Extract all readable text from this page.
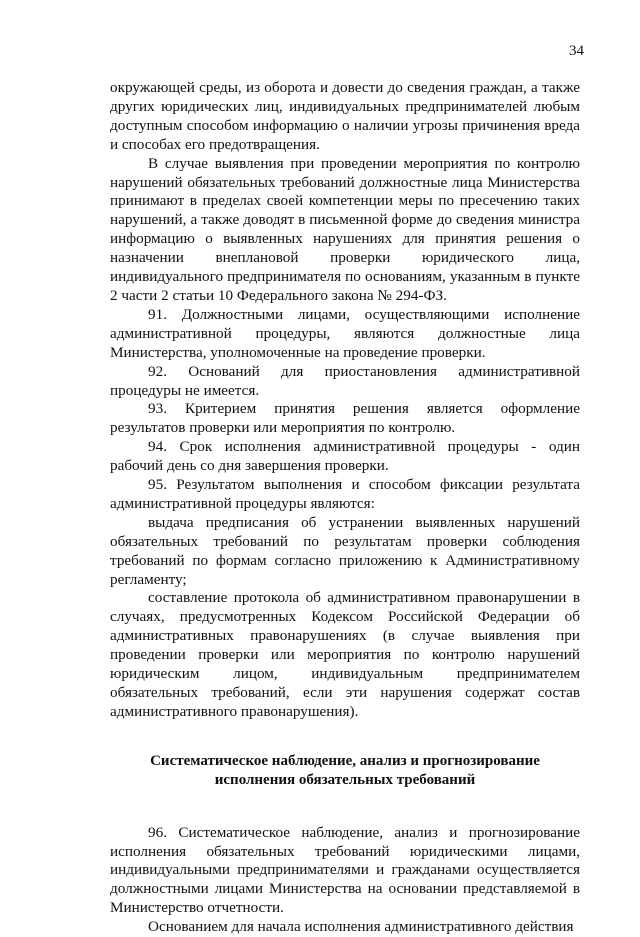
34

окружающей среды, из оборота и довести до сведения граждан, а также других юридических лиц, индивидуальных предпринимателей любым доступным способом информацию о наличии угрозы причинения вреда и способах его предотвращения.

В случае выявления при проведении мероприятия по контролю нарушений обязательных требований должностные лица Министерства принимают в пределах своей компетенции меры по пресечению таких нарушений, а также доводят в письменной форме до сведения министра информацию о выявленных нарушениях для принятия решения о назначении внеплановой проверки юридического лица, индивидуального предпринимателя по основаниям, указанным в пункте 2 части 2 статьи 10 Федерального закона № 294-ФЗ.

91. Должностными лицами, осуществляющими исполнение административной процедуры, являются должностные лица Министерства, уполномоченные на проведение проверки.

92. Оснований для приостановления административной процедуры не имеется.

93. Критерием принятия решения является оформление результатов проверки или мероприятия по контролю.

94. Срок исполнения административной процедуры - один рабочий день со дня завершения проверки.

95. Результатом выполнения и способом фиксации результата административной процедуры являются:

выдача предписания об устранении выявленных нарушений обязательных требований по результатам проверки соблюдения требований по формам согласно приложению к Административному регламенту;

составление протокола об административном правонарушении в случаях, предусмотренных Кодексом Российской Федерации об административных правонарушениях (в случае выявления при проведении проверки или мероприятия по контролю нарушений юридическим лицом, индивидуальным предпринимателем обязательных требований, если эти нарушения содержат состав административного правонарушения).

Систематическое наблюдение, анализ и прогнозирование исполнения обязательных требований

96. Систематическое наблюдение, анализ и прогнозирование исполнения обязательных требований юридическими лицами, индивидуальными предпринимателями и гражданами осуществляется должностными лицами Министерства на основании представляемой в Министерство отчетности.

Основанием для начала исполнения административного действия
